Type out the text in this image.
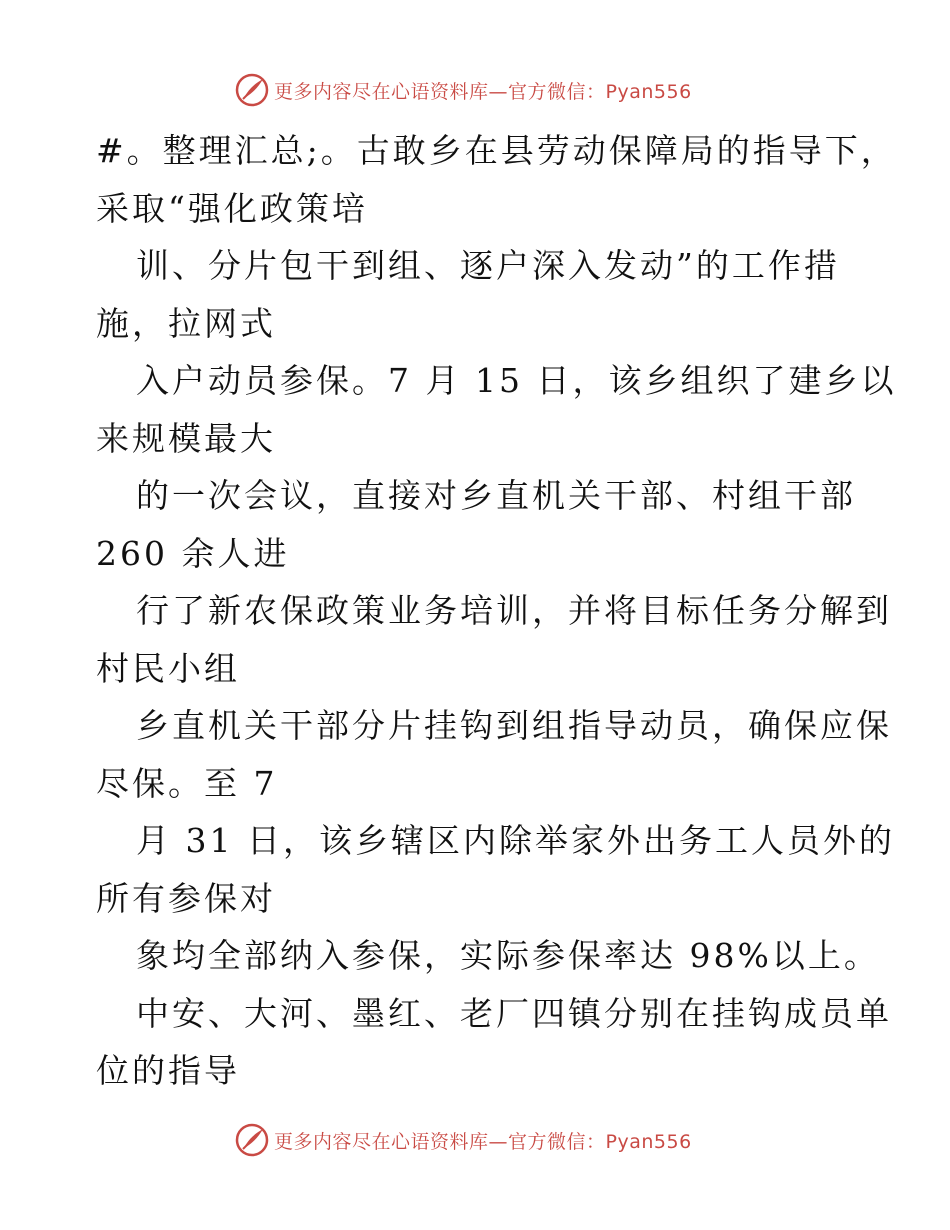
更多内容尽在心语资料库—官方微信：Pyan556
#。整理汇总;。古敢乡在县劳动保障局的指导下，
采取“强化政策培
训、分片包干到组、逐户深入发动”的工作措
施，拉网式
入户动员参保。7 月 15 日，该乡组织了建乡以
来规模最大
的一次会议，直接对乡直机关干部、村组干部
260 余人进
行了新农保政策业务培训，并将目标任务分解到
村民小组
乡直机关干部分片挂钩到组指导动员，确保应保
尽保。至 7
月 31 日，该乡辖区内除举家外出务工人员外的
所有参保对
象均全部纳入参保，实际参保率达 98%以上。
中安、大河、墨红、老厂四镇分别在挂钩成员单
位的指导
更多内容尽在心语资料库—官方微信：Pyan556
